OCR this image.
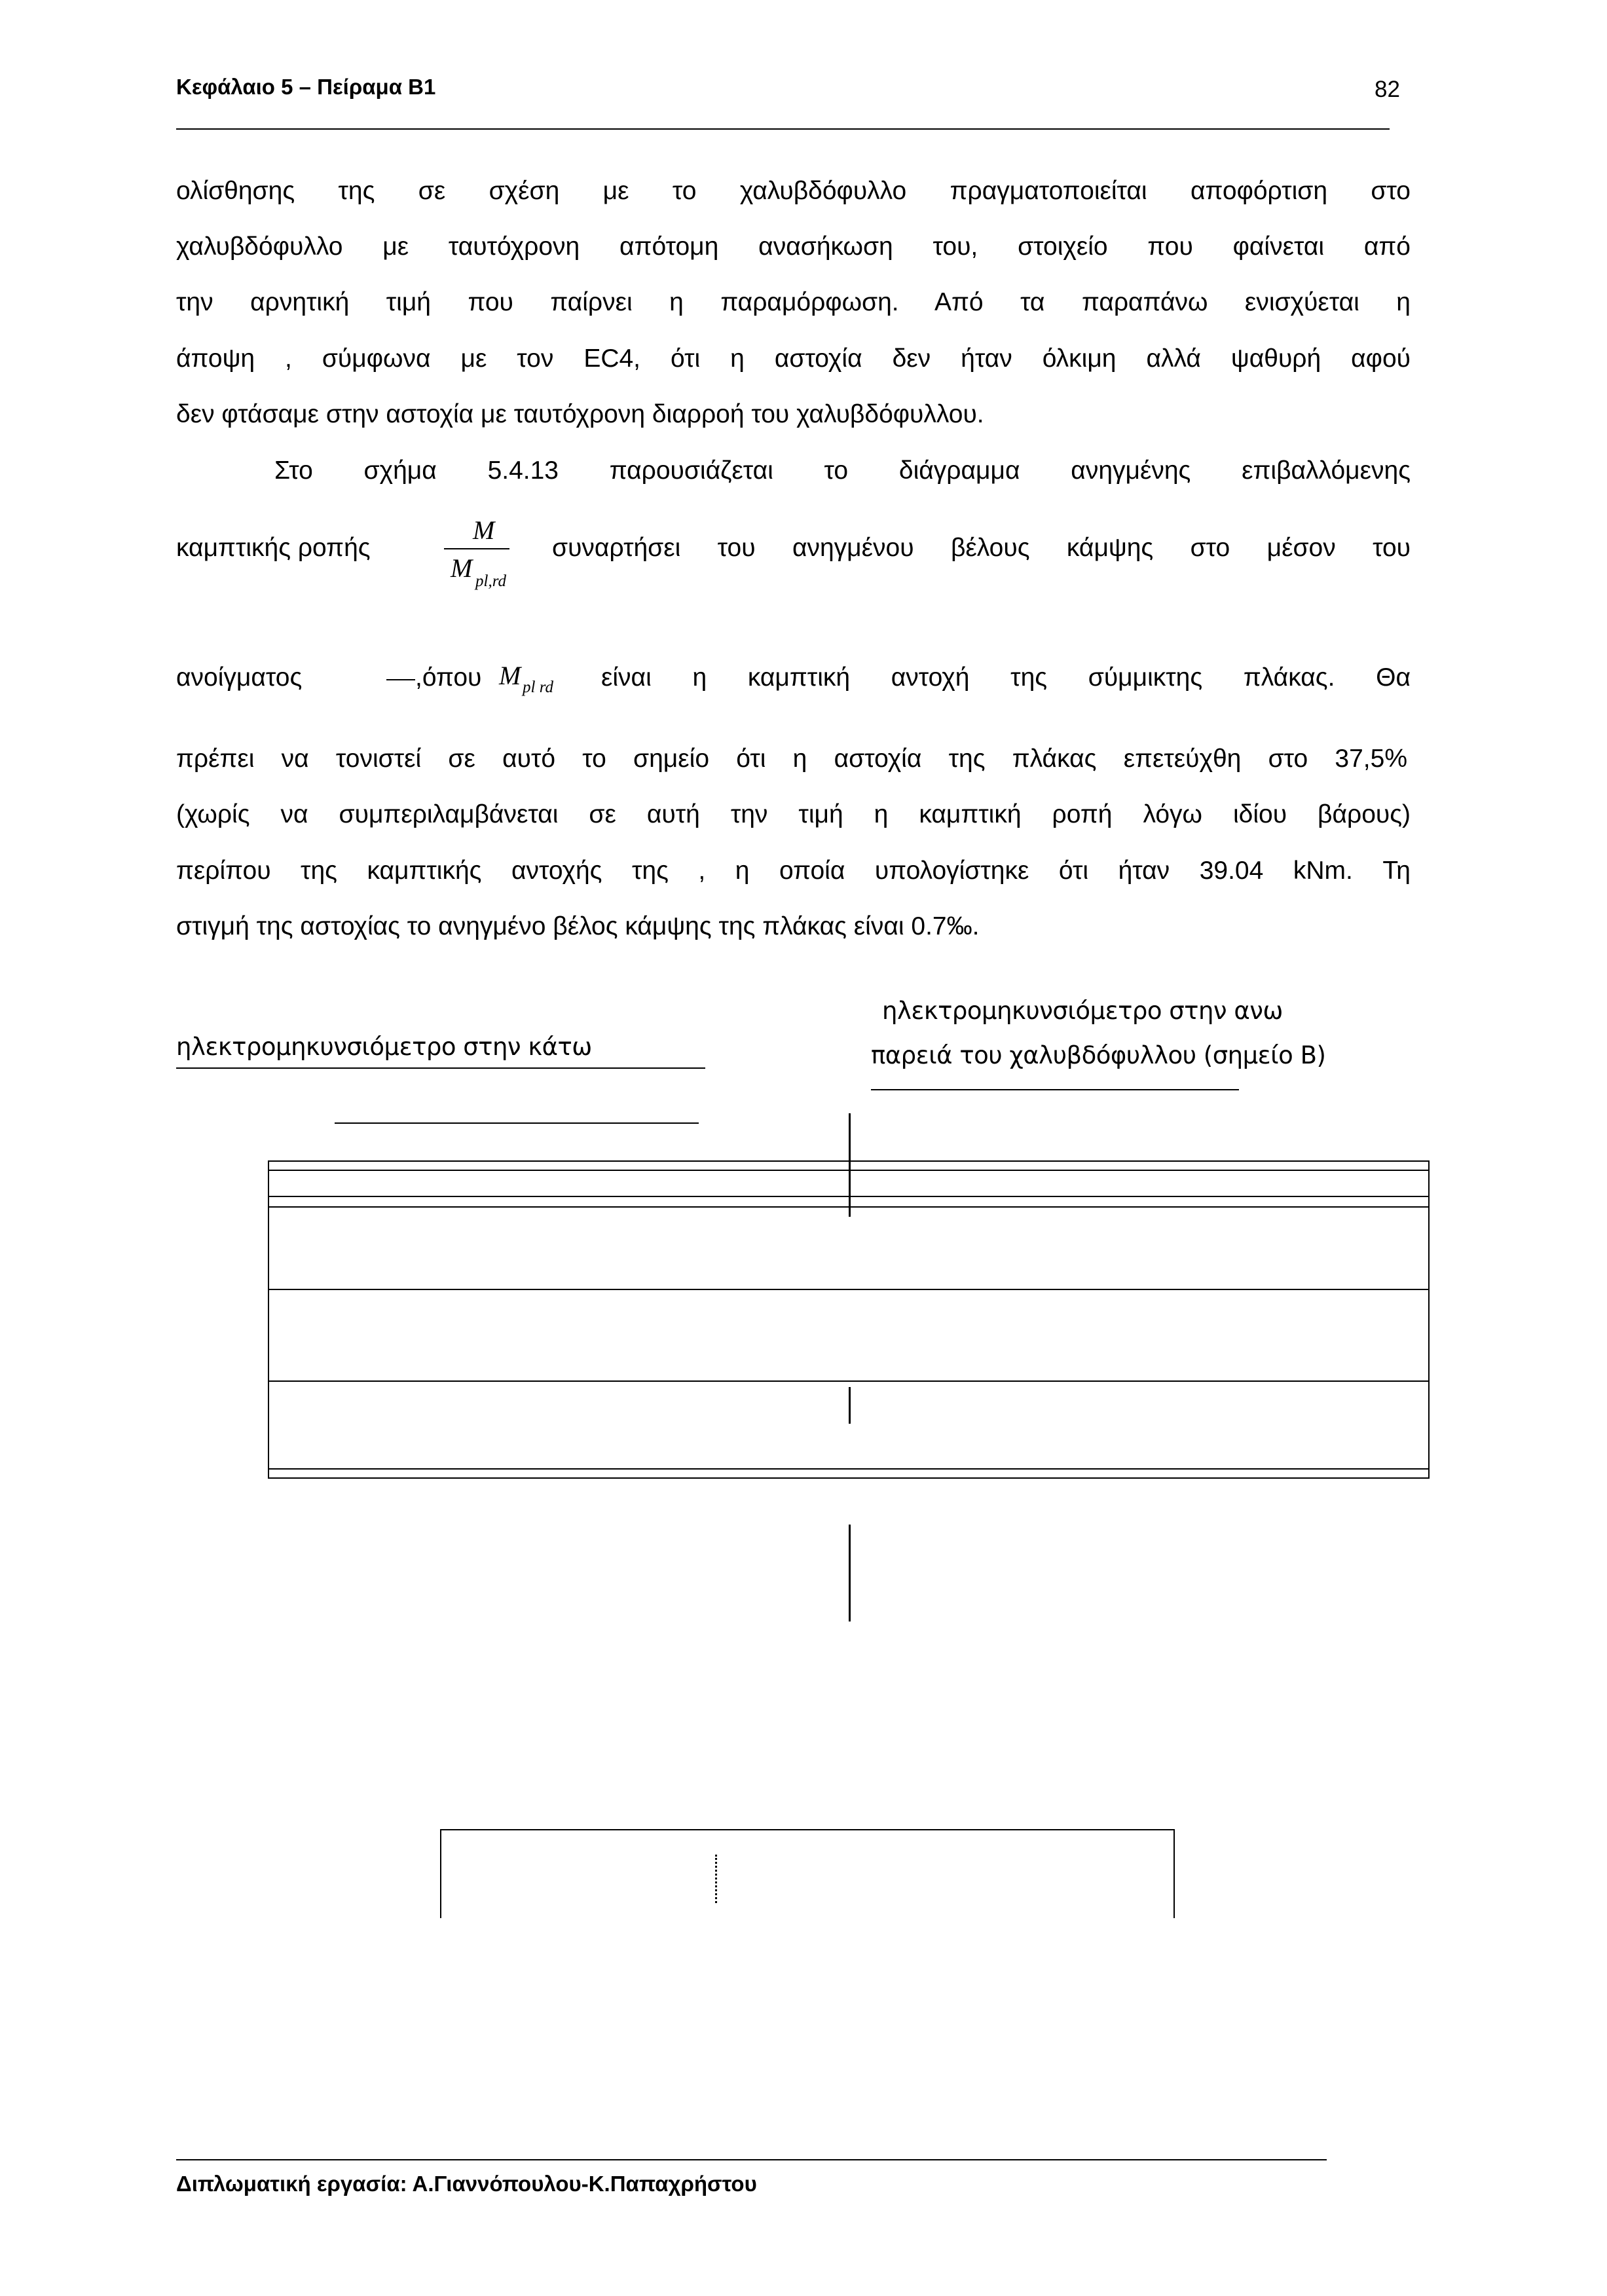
Κεφάλαιο 5 – Πείραμα Β1	82
ολίσθησης της σε σχέση με το χαλυβδόφυλλο πραγματοποιείται αποφόρτιση στο
χαλυβδόφυλλο με ταυτόχρονη απότομη ανασήκωση του, στοιχείο που φαίνεται από
την αρνητική τιμή που παίρνει η παραμόρφωση. Από τα παραπάνω ενισχύεται η
άποψη , σύμφωνα με τον EC4, ότι η αστοχία δεν ήταν όλκιμη αλλά ψαθυρή αφού
δεν φτάσαμε στην αστοχία με ταυτόχρονη διαρροή του χαλυβδόφυλλου.
Στο σχήμα 5.4.13 παρουσιάζεται το διάγραμμα ανηγμένης επιβαλλόμενης
καμπτικής ροπής
M
M pl,rd
συναρτήσει του ανηγμένου βέλους κάμψης στο μέσον του
ανοίγματος	,όπου M pl rd είναι η καμπτική αντοχή της σύμμικτης πλάκας. Θα
πρέπει να τονιστεί σε αυτό το σημείο ότι η αστοχία της πλάκας επετεύχθη στο 37,5%
(χωρίς να συμπεριλαμβάνεται σε αυτή την τιμή η καμπτική ροπή λόγω ιδίου βάρους)
περίπου της καμπτικής αντοχής της , η οποία υπολογίστηκε ότι ήταν 39.04 kNm. Τη
στιγμή της αστοχίας το ανηγμένο βέλος κάμψης της πλάκας είναι 0.7‰.
ηλεκτρομηκυνσιόμετρο στην κάτω
ηλεκτρομηκυνσιόμετρο στην ανω
παρειά του χαλυβδόφυλλου (σημείο Β)
Διπλωματική εργασία: Α.Γιαννόπουλου-Κ.Παπαχρήστου
